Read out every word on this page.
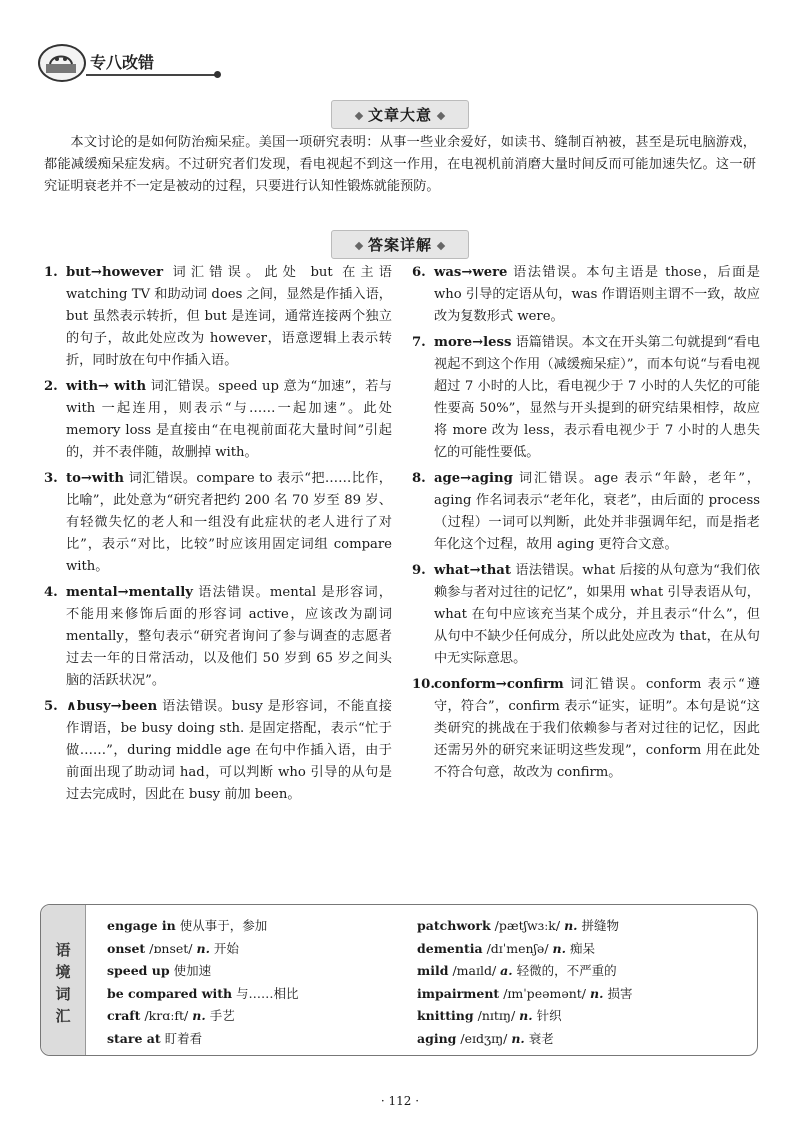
专八改错
文章大意
本文讨论的是如何防治痴呆症。美国一项研究表明：从事一些业余爱好，如读书、缝制百衲被，甚至是玩电脑游戏，都能减缓痴呆症发病。不过研究者们发现，看电视起不到这一作用，在电视机前消磨大量时间反而可能加速失忆。这一研究证明衰老并不一定是被动的过程，只要进行认知性锻炼就能预防。
答案详解
1. but→however 词汇错误。此处 but 在主语 watching TV 和助动词 does 之间，显然是作插入语，but 虽然表示转折，但 but 是连词，通常连接两个独立的句子，故此处应改为 however，语意逻辑上表示转折，同时放在句中作插入语。
2. with→ with 词汇错误。speed up 意为“加速”，若与 with 一起连用，则表示“与……一起加速”。此处 memory loss 是直接由“在电视前面花大量时间”引起的，并不表伴随，故删掉 with。
3. to→with 词汇错误。compare to 表示“把……比作，比喻”，此处意为“研究者把约 200 名 70 岁至 89 岁、有轻微失忆的老人和一组没有此症状的老人进行了对比”，表示“对比，比较”时应该用固定词组 compare with。
4. mental→mentally 语法错误。mental 是形容词，不能用来修饰后面的形容词 active，应该改为副词 mentally，整句表示“研究者询问了参与调查的志愿者过去一年的日常活动，以及他们 50 岁到 65 岁之间头脑的活跃状况”。
5. ∧busy→been 语法错误。busy 是形容词，不能直接作谓语，be busy doing sth. 是固定搭配，表示“忙于做……”，during middle age 在句中作插入语，由于前面出现了助动词 had，可以判断 who 引导的从句是过去完成时，因此在 busy 前加 been。
6. was→were 语法错误。本句主语是 those，后面是 who 引导的定语从句，was 作谓语则主谓不一致，故应改为复数形式 were。
7. more→less 语篇错误。本文在开头第二句就提到“看电视起不到这个作用（减缓痴呆症）”，而本句说“与看电视超过 7 小时的人比，看电视少于 7 小时的人失忆的可能性要高 50%”，显然与开头提到的研究结果相悖，故应将 more 改为 less，表示看电视少于 7 小时的人患失忆的可能性要低。
8. age→aging 词汇错误。age 表示“年龄，老年”，aging 作名词表示“老年化，衰老”，由后面的 process（过程）一词可以判断，此处并非强调年纪，而是指老年化这个过程，故用 aging 更符合文意。
9. what→that 语法错误。what 后接的从句意为“我们依赖参与者对过往的记忆”，如果用 what 引导表语从句，what 在句中应该充当某个成分，并且表示“什么”，但从句中不缺少任何成分，所以此处应改为 that，在从句中无实际意思。
10. conform→confirm 词汇错误。conform 表示“遵守，符合”，confirm 表示“证实，证明”。本句是说“这类研究的挑战在于我们依赖参与者对过往的记忆，因此还需另外的研究来证明这些发现”，conform 用在此处不符合句意，故改为 confirm。
语境词汇
engage in 使从事于，参加
onset /ɒnset/ n. 开始
speed up 使加速
be compared with 与……相比
craft /krɑːft/ n. 手艺
stare at 盯着看
patchwork /pætʃwɜːk/ n. 拼缝物
dementia /dɪˈmenʃə/ n. 痴呆
mild /maɪld/ a. 轻微的，不严重的
impairment /ɪmˈpeəmənt/ n. 损害
knitting /nɪtɪŋ/ n. 针织
aging /eɪdʒɪŋ/ n. 衰老
· 112 ·
